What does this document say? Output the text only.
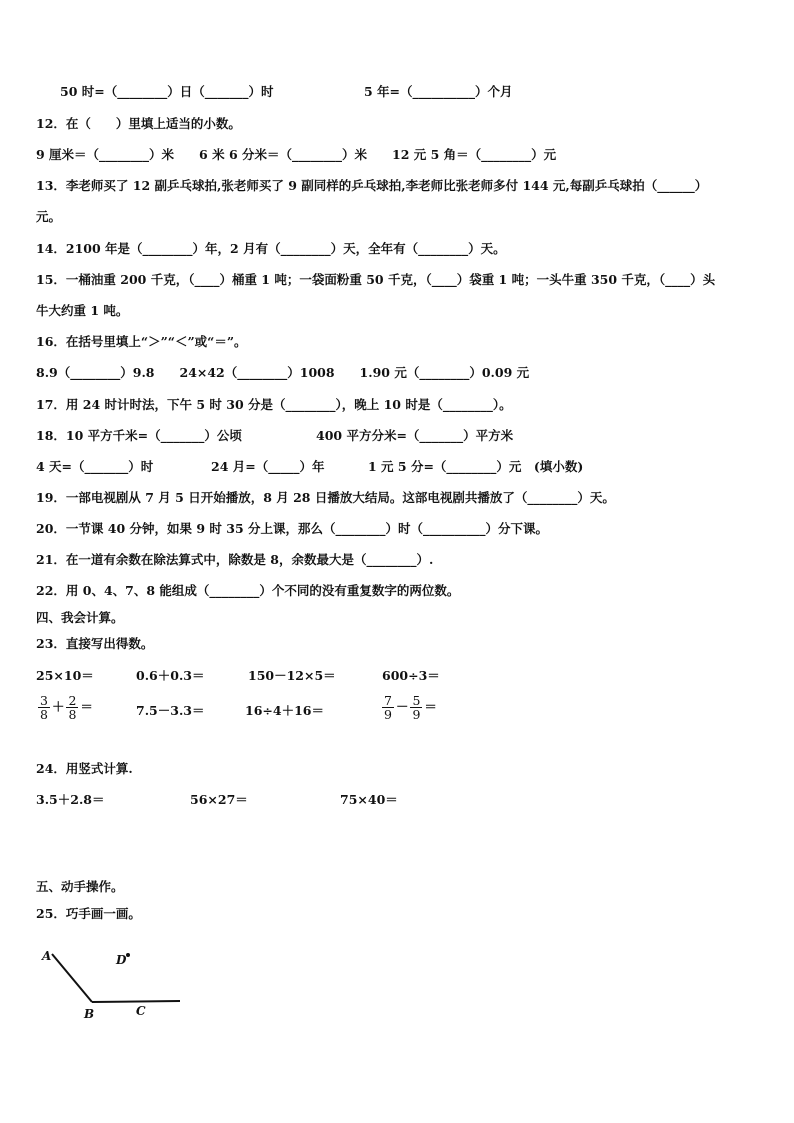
50 时=（________）日（_______）时	5 年=（__________）个月
12．在（　　）里填上适当的小数。
9 厘米＝（________）米　　6 米 6 分米＝（________）米　　12 元 5 角＝（________）元
13．李老师买了 12 副乒乓球拍,张老师买了 9 副同样的乒乓球拍,李老师比张老师多付 144 元,每副乒乓球拍（______）
元。
14．2100 年是（________）年，2 月有（________）天，全年有（________）天。
15．一桶油重 200 千克，（____）桶重 1 吨；一袋面粉重 50 千克，（____）袋重 1 吨；一头牛重 350 千克，（____）头
牛大约重 1 吨。
16．在括号里填上“＞”“＜”或“＝”。
8.9（________）9.8　　24×42（________）1008　　1.90 元（________）0.09 元
17．用 24 时计时法，下午 5 时 30 分是（________），晚上 10 时是（________）。
18．10 平方千米=（_______）公顷	400 平方分米=（_______）平方米
4 天=（_______）时	24 月=（_____）年	1 元 5 分=（________）元　(填小数)
19．一部电视剧从 7 月 5 日开始播放，8 月 28 日播放大结局。这部电视剧共播放了（________）天。
20．一节课 40 分钟，如果 9 时 35 分上课，那么（________）时（__________）分下课。
21．在一道有余数在除法算式中，除数是 8，余数最大是（________）.
22．用 0、4、7、8 能组成（________）个不同的没有重复数字的两位数。
四、我会计算。
23．直接写出得数。
25×10＝	0.6＋0.3＝	150－12×5＝	600÷3＝
$\frac{3}{8} + \frac{2}{8}$ ＝	7.5－3.3＝	16÷4＋16＝	$\frac{7}{9} - \frac{5}{9}$ ＝
24．用竖式计算.
3.5＋2.8＝	56×27＝	75×40＝
五、动手操作。
25．巧手画一画。
A
B	C
D
